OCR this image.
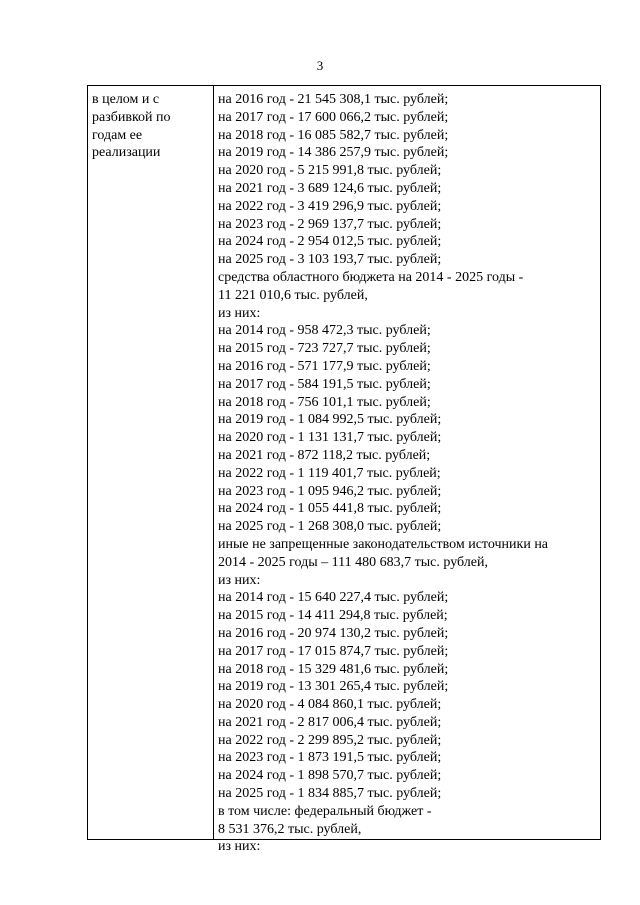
3
в целом и с
разбивкой по
годам ее
реализации
на 2016 год - 21 545 308,1 тыс. рублей;
на 2017 год - 17 600 066,2 тыс. рублей;
на 2018 год - 16 085 582,7 тыс. рублей;
на 2019 год - 14 386 257,9 тыс. рублей;
на 2020 год - 5 215 991,8 тыс. рублей;
на 2021 год - 3 689 124,6 тыс. рублей;
на 2022 год - 3 419 296,9 тыс. рублей;
на 2023 год - 2 969 137,7 тыс. рублей;
на 2024 год - 2 954 012,5 тыс. рублей;
на 2025 год - 3 103 193,7 тыс. рублей;
средства областного бюджета на 2014 - 2025 годы -
11 221 010,6 тыс. рублей,
из них:
на 2014 год - 958 472,3 тыс. рублей;
на 2015 год - 723 727,7 тыс. рублей;
на 2016 год - 571 177,9 тыс. рублей;
на 2017 год - 584 191,5 тыс. рублей;
на 2018 год - 756 101,1 тыс. рублей;
на 2019 год - 1 084 992,5 тыс. рублей;
на 2020 год - 1 131 131,7 тыс. рублей;
на 2021 год - 872 118,2 тыс. рублей;
на 2022 год - 1 119 401,7 тыс. рублей;
на 2023 год - 1 095 946,2 тыс. рублей;
на 2024 год - 1 055 441,8 тыс. рублей;
на 2025 год - 1 268 308,0 тыс. рублей;
иные не запрещенные законодательством источники на
2014 - 2025 годы – 111 480 683,7 тыс. рублей,
из них:
на 2014 год - 15 640 227,4 тыс. рублей;
на 2015 год - 14 411 294,8 тыс. рублей;
на 2016 год - 20 974 130,2 тыс. рублей;
на 2017 год - 17 015 874,7 тыс. рублей;
на 2018 год - 15 329 481,6 тыс. рублей;
на 2019 год - 13 301 265,4 тыс. рублей;
на 2020 год - 4 084 860,1 тыс. рублей;
на 2021 год - 2 817 006,4 тыс. рублей;
на 2022 год - 2 299 895,2 тыс. рублей;
на 2023 год - 1 873 191,5 тыс. рублей;
на 2024 год - 1 898 570,7 тыс. рублей;
на 2025 год - 1 834 885,7 тыс. рублей;
в том числе: федеральный бюджет -
8 531 376,2 тыс. рублей,
из них:
